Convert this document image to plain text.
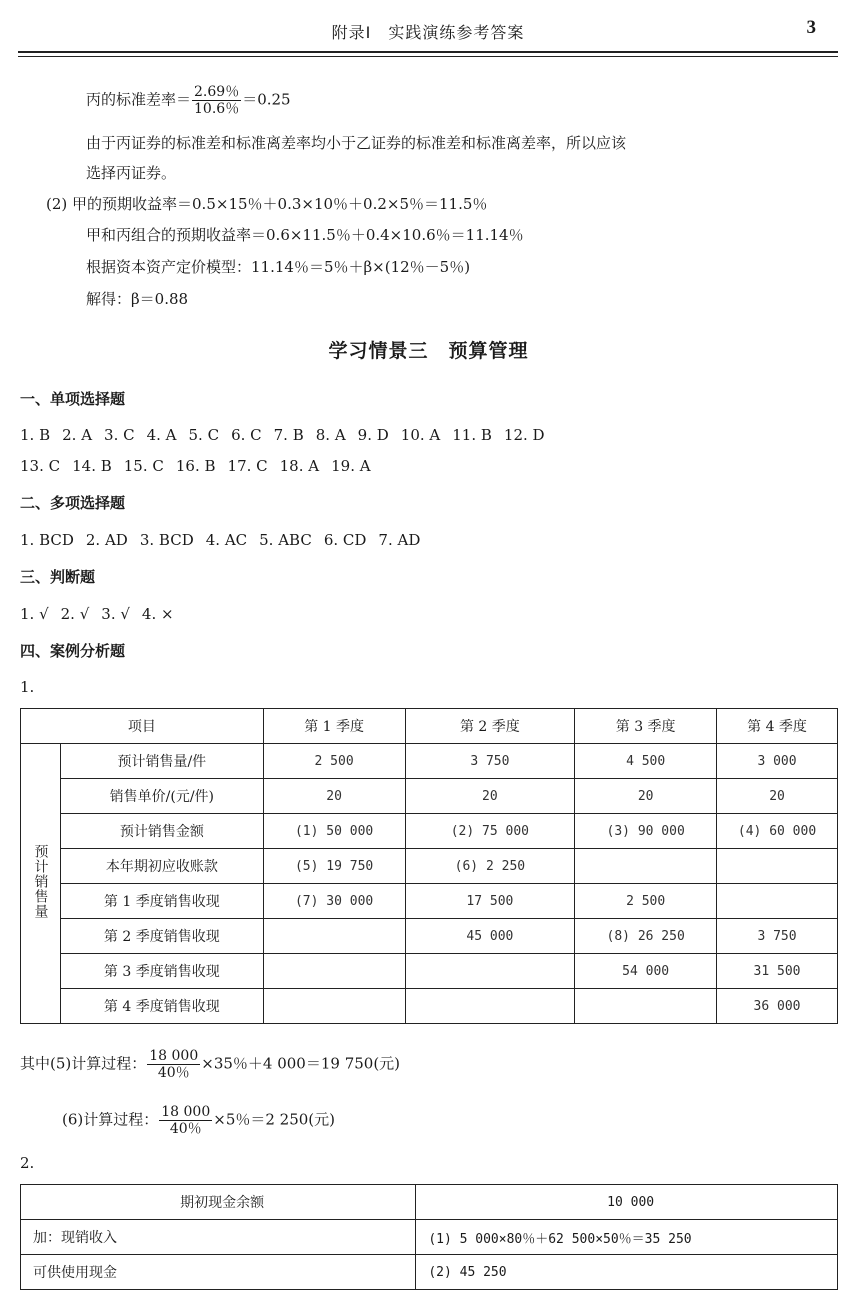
附录Ⅰ　实践演练参考答案	3
丙的标准差率＝ $\frac{2.69\%}{10.6\%} =0.25$
由于丙证券的标准差和标准离差率均小于乙证券的标准差和标准离差率，所以应该
选择丙证券。
(2) 甲的预期收益率＝0.5×15％＋0.3×10％＋0.2×5％＝11.5％
甲和丙组合的预期收益率＝0.6×11.5％＋0.4×10.6％＝11.14％
根据资本资产定价模型：11.14％＝5％＋β×(12％－5％)
解得：β＝0.88
学习情景三　预算管理
一、单项选择题
1. B 2. A 3. C 4. A 5. C 6. C 7. B 8. A 9. D 10. A 11. B 12. D
13. C 14. B 15. C 16. B 17. C 18. A 19. A
二、多项选择题
1. BCD 2. AD 3. BCD 4. AC 5. ABC 6. CD 7. AD
三、判断题
1. √ 2. √ 3. √ 4. ×
四、案例分析题
1.
项目		第 1 季度	第 2 季度	第 3 季度	第 4 季度
预计销售量	预计销售量/件	2 500	3 750	4 500	3 000
	销售单价/(元/件)	20	20	20	20
	预计销售金额	(1) 50 000	(2) 75 000	(3) 90 000	(4) 60 000
	本年期初应收账款	(5) 19 750	(6) 2 250		
	第 1 季度销售收现	(7) 30 000	17 500	2 500	
	第 2 季度销售收现		45 000	(8) 26 250	3 750
	第 3 季度销售收现			54 000	31 500
	第 4 季度销售收现				36 000
其中(5)计算过程： $\frac{18 000}{40\%} \times 35$％＋4 000＝19 750(元)
(6)计算过程： $\frac{18 000}{40\%} \times 5$％＝2 250(元)
2.
期初现金余额	10 000
加：现销收入	(1) 5 000×80％＋62 500×50％＝35 250
可供使用现金	(2) 45 250
